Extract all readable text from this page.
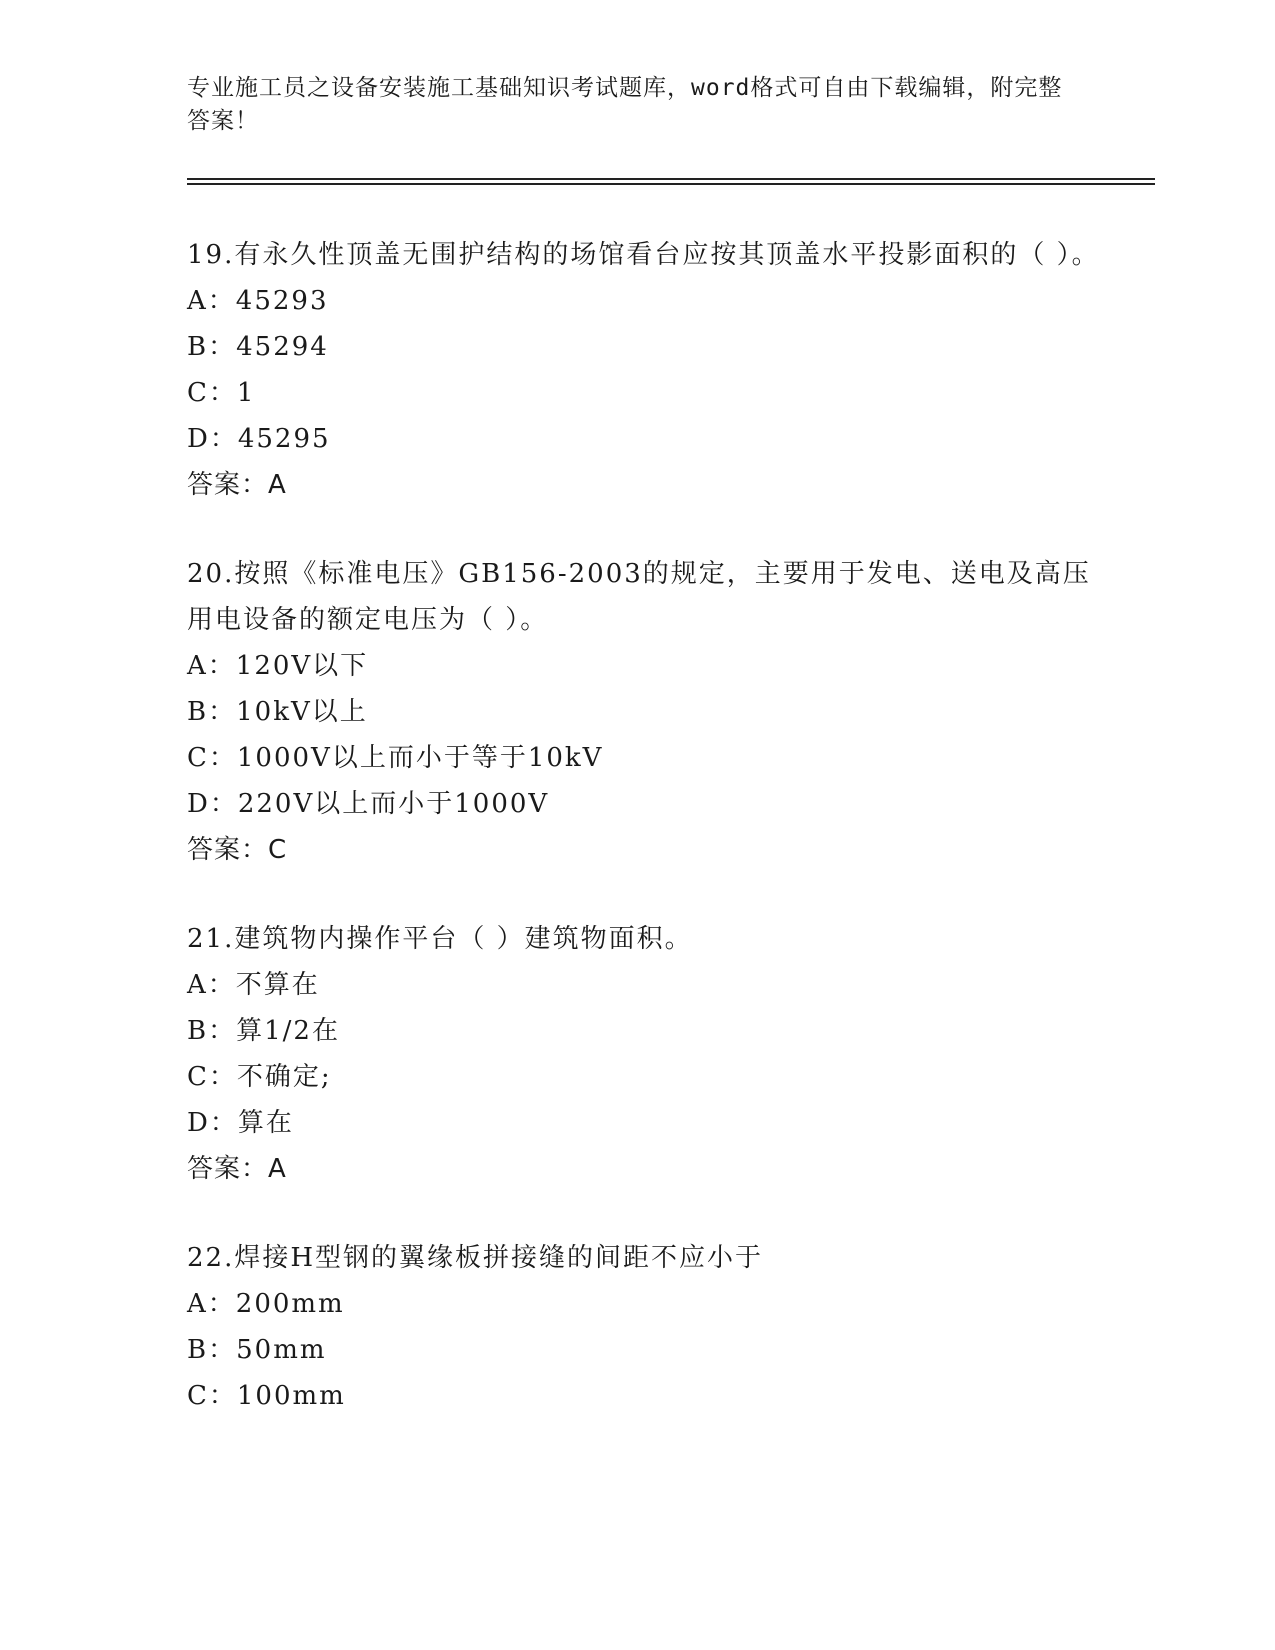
专业施工员之设备安装施工基础知识考试题库，word格式可自由下载编辑，附完整答案！
19.有永久性顶盖无围护结构的场馆看台应按其顶盖水平投影面积的（ ）。
A：45293
B：45294
C：1
D：45295
答案：A
20.按照《标准电压》GB156-2003的规定，主要用于发电、送电及高压用电设备的额定电压为（ ）。
A：120V以下
B：10kV以上
C：1000V以上而小于等于10kV
D：220V以上而小于1000V
答案：C
21.建筑物内操作平台（ ）建筑物面积。
A：不算在
B：算1/2在
C：不确定;
D：算在
答案：A
22.焊接H型钢的翼缘板拼接缝的间距不应小于
A：200mm
B：50mm
C：100mm
